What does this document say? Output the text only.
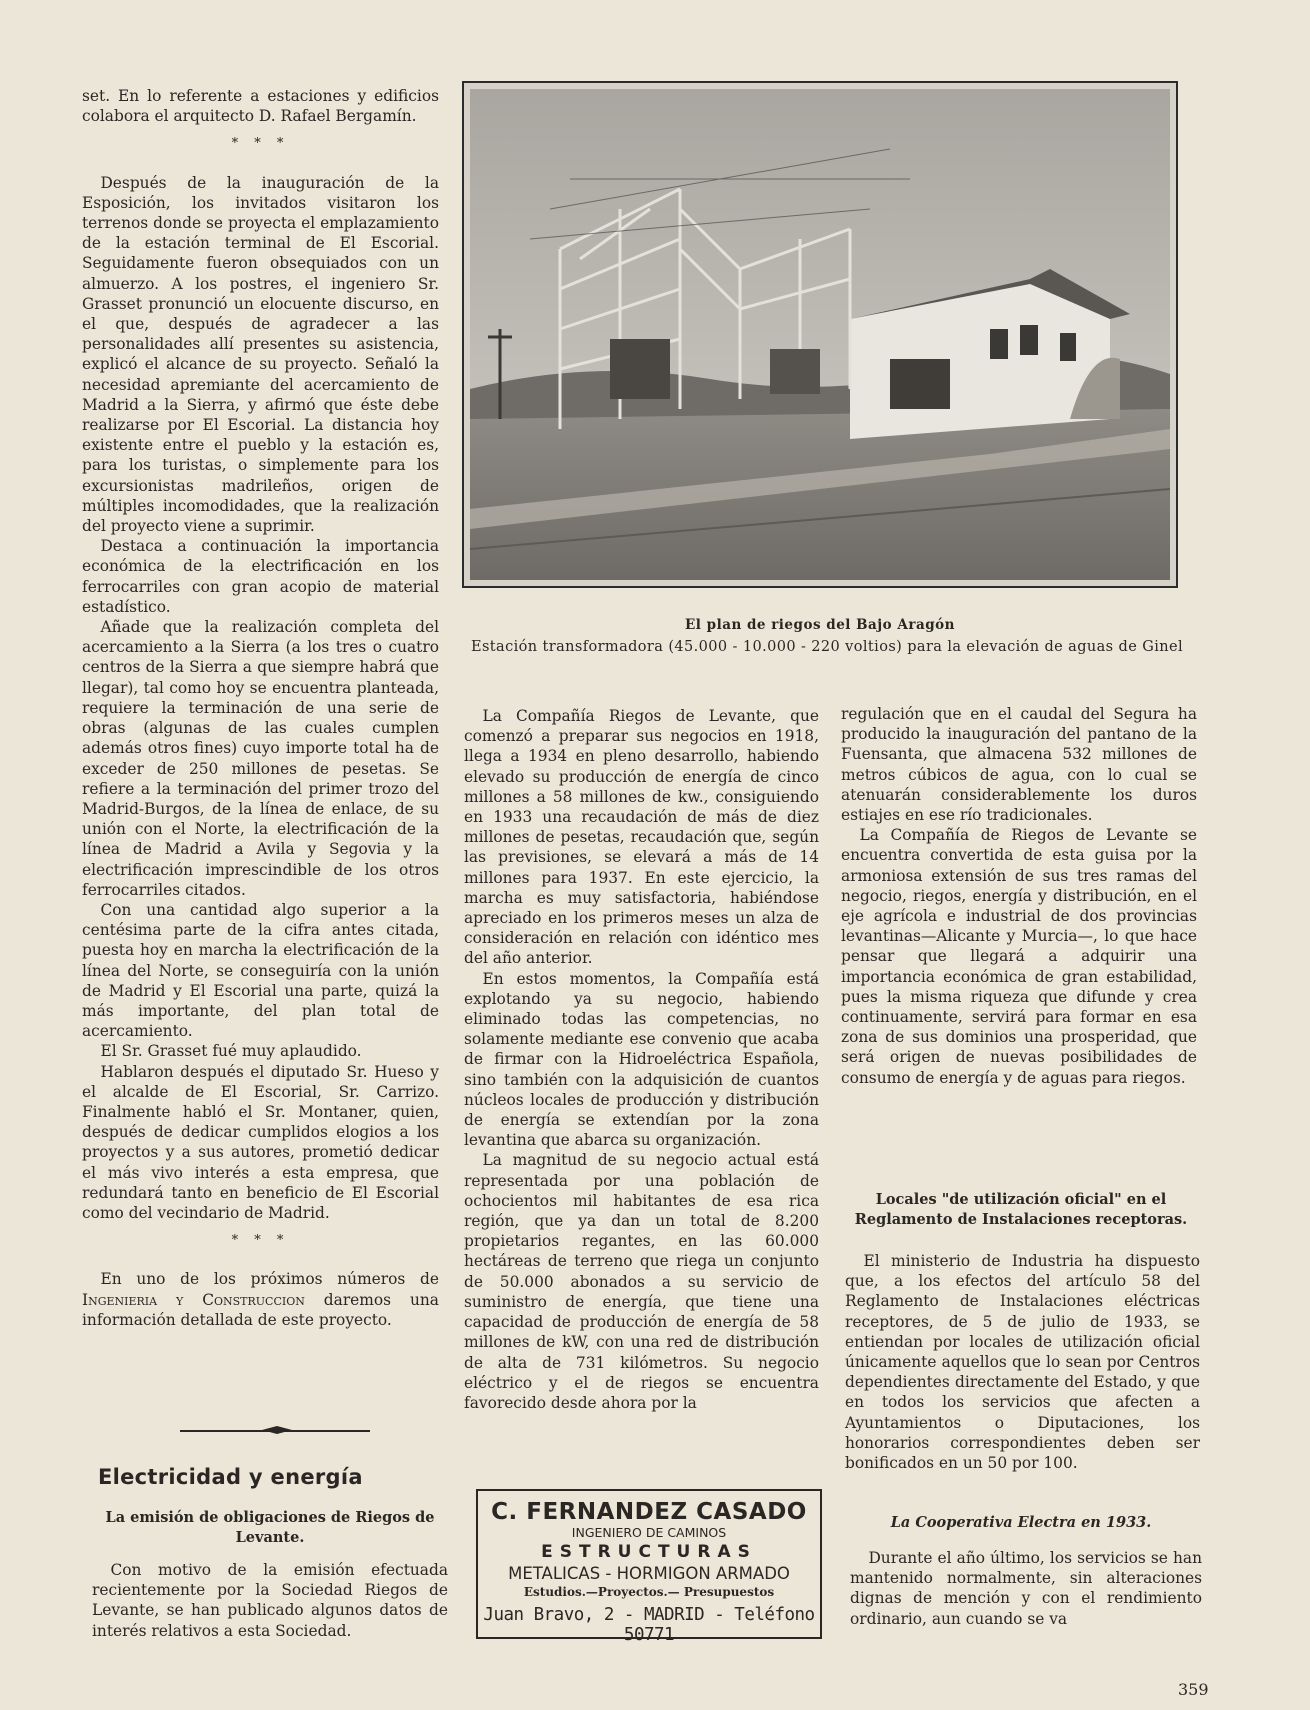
set. En lo referente a estaciones y edificios colabora el arquitecto D. Rafael Bergamín.

* * *

Después de la inauguración de la Esposición, los invitados visitaron los terrenos donde se proyecta el emplazamiento de la estación terminal de El Escorial. Seguidamente fueron obsequiados con un almuerzo. A los postres, el ingeniero Sr. Grasset pronunció un elocuente discurso, en el que, después de agradecer a las personalidades allí presentes su asistencia, explicó el alcance de su proyecto. Señaló la necesidad apremiante del acercamiento de Madrid a la Sierra, y afirmó que éste debe realizarse por El Escorial. La distancia hoy existente entre el pueblo y la estación es, para los turistas, o simplemente para los excursionistas madrileños, origen de múltiples incomodidades, que la realización del proyecto viene a suprimir.

Destaca a continuación la importancia económica de la electrificación en los ferrocarriles con gran acopio de material estadístico.

Añade que la realización completa del acercamiento a la Sierra (a los tres o cuatro centros de la Sierra a que siempre habrá que llegar), tal como hoy se encuentra planteada, requiere la terminación de una serie de obras (algunas de las cuales cumplen además otros fines) cuyo importe total ha de exceder de 250 millones de pesetas. Se refiere a la terminación del primer trozo del Madrid-Burgos, de la línea de enlace, de su unión con el Norte, la electrificación de la línea de Madrid a Avila y Segovia y la electrificación imprescindible de los otros ferrocarriles citados.

Con una cantidad algo superior a la centésima parte de la cifra antes citada, puesta hoy en marcha la electrificación de la línea del Norte, se conseguiría con la unión de Madrid y El Escorial una parte, quizá la más importante, del plan total de acercamiento.

El Sr. Grasset fué muy aplaudido.

Hablaron después el diputado Sr. Hueso y el alcalde de El Escorial, Sr. Carrizo. Finalmente habló el Sr. Montaner, quien, después de dedicar cumplidos elogios a los proyectos y a sus autores, prometió dedicar el más vivo interés a esta empresa, que redundará tanto en beneficio de El Escorial como del vecindario de Madrid.

* * *

En uno de los próximos números de Ingenieria y Construccion daremos una información detallada de este proyecto.

El plan de riegos del Bajo Aragón
Estación transformadora (45.000 - 10.000 - 220 voltios) para la elevación de aguas de Ginel

La Compañía Riegos de Levante, que comenzó a preparar sus negocios en 1918, llega a 1934 en pleno desarrollo, habiendo elevado su producción de energía de cinco millones a 58 millones de kw., consiguiendo en 1933 una recaudación de más de diez millones de pesetas, recaudación que, según las previsiones, se elevará a más de 14 millones para 1937. En este ejercicio, la marcha es muy satisfactoria, habiéndose apreciado en los primeros meses un alza de consideración en relación con idéntico mes del año anterior.

En estos momentos, la Compañía está explotando ya su negocio, habiendo eliminado todas las competencias, no solamente mediante ese convenio que acaba de firmar con la Hidroeléctrica Española, sino también con la adquisición de cuantos núcleos locales de producción y distribución de energía se extendían por la zona levantina que abarca su organización.

La magnitud de su negocio actual está representada por una población de ochocientos mil habitantes de esa rica región, que ya dan un total de 8.200 propietarios regantes, en las 60.000 hectáreas de terreno que riega un conjunto de 50.000 abonados a su servicio de suministro de energía, que tiene una capacidad de producción de energía de 58 millones de kW, con una red de distribución de alta de 731 kilómetros. Su negocio eléctrico y el de riegos se encuentra favorecido desde ahora por la

regulación que en el caudal del Segura ha producido la inauguración del pantano de la Fuensanta, que almacena 532 millones de metros cúbicos de agua, con lo cual se atenuarán considerablemente los duros estiajes en ese río tradicionales.

La Compañía de Riegos de Levante se encuentra convertida de esta guisa por la armoniosa extensión de sus tres ramas del negocio, riegos, energía y distribución, en el eje agrícola e industrial de dos provincias levantinas—Alicante y Murcia—, lo que hace pensar que llegará a adquirir una importancia económica de gran estabilidad, pues la misma riqueza que difunde y crea continuamente, servirá para formar en esa zona de sus dominios una prosperidad, que será origen de nuevas posibilidades de consumo de energía y de aguas para riegos.

Locales "de utilización oficial" en el Reglamento de Instalaciones receptoras.

El ministerio de Industria ha dispuesto que, a los efectos del artículo 58 del Reglamento de Instalaciones eléctricas receptores, de 5 de julio de 1933, se entiendan por locales de utilización oficial únicamente aquellos que lo sean por Centros dependientes directamente del Estado, y que en todos los servicios que afecten a Ayuntamientos o Diputaciones, los honorarios correspondientes deben ser bonificados en un 50 por 100.

La Cooperativa Electra en 1933.

Durante el año último, los servicios se han mantenido normalmente, sin alteraciones dignas de mención y con el rendimiento ordinario, aun cuando se va

Electricidad y energía
La emisión de obligaciones de Riegos de Levante.

Con motivo de la emisión efectuada recientemente por la Sociedad Riegos de Levante, se han publicado algunos datos de interés relativos a esta Sociedad.

C. FERNANDEZ CASADO
INGENIERO DE CAMINOS
ESTRUCTURAS
METALICAS - HORMIGON ARMADO
Estudios.—Proyectos.— Presupuestos
Juan Bravo, 2 - MADRID - Teléfono 50771
359
